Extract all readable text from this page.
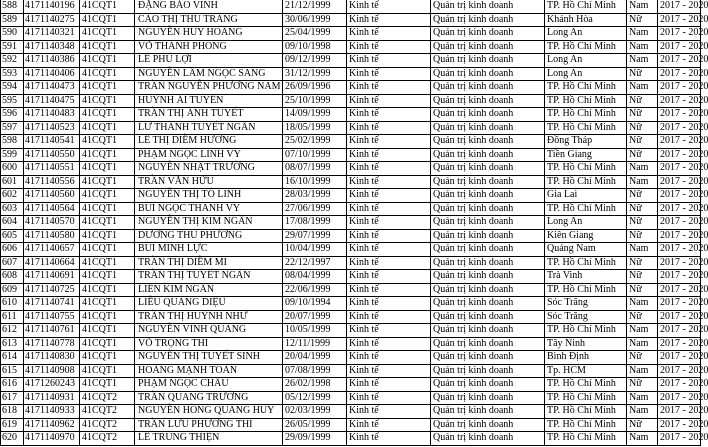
588	4171140196	41CQT1	ĐẶNG BẢO VINH	21/12/1999	Kinh tế	Quản trị kinh doanh	TP. Hồ Chí Minh	Nam	2017 - 2020
589	4171140275	41CQT1	CAO THỊ THU TRANG	30/06/1999	Kinh tế	Quản trị kinh doanh	Khánh Hòa	Nữ	2017 - 2020
590	4171140321	41CQT1	NGUYỄN HUY HOÀNG	25/04/1999	Kinh tế	Quản trị kinh doanh	Long An	Nam	2017 - 2020
591	4171140348	41CQT1	VÕ THANH PHONG	09/10/1998	Kinh tế	Quản trị kinh doanh	TP. Hồ Chí Minh	Nam	2017 - 2020
592	4171140386	41CQT1	LÊ PHÚ LỢI	09/12/1999	Kinh tế	Quản trị kinh doanh	Long An	Nam	2017 - 2020
593	4171140406	41CQT1	NGUYỄN LÂM NGỌC SANG	31/12/1999	Kinh tế	Quản trị kinh doanh	Long An	Nữ	2017 - 2020
594	4171140473	41CQT1	TRẦN NGUYỄN PHƯƠNG NAM	26/09/1996	Kinh tế	Quản trị kinh doanh	TP. Hồ Chí Minh	Nam	2017 - 2020
595	4171140475	41CQT1	HUỲNH ÁI TUYÊN	25/10/1999	Kinh tế	Quản trị kinh doanh	TP. Hồ Chí Minh	Nữ	2017 - 2020
596	4171140483	41CQT1	TRẦN THỊ ÁNH TUYẾT	14/09/1999	Kinh tế	Quản trị kinh doanh	TP. Hồ Chí Minh	Nữ	2017 - 2020
597	4171140523	41CQT1	LƯ THANH TUYẾT NGÂN	18/05/1999	Kinh tế	Quản trị kinh doanh	TP. Hồ Chí Minh	Nữ	2017 - 2020
598	4171140541	41CQT1	LÊ THỊ DIỄM HƯƠNG	25/02/1999	Kinh tế	Quản trị kinh doanh	Đồng Tháp	Nữ	2017 - 2020
599	4171140550	41CQT1	PHẠM NGỌC LINH VY	07/10/1999	Kinh tế	Quản trị kinh doanh	Tiền Giang	Nữ	2017 - 2020
600	4171140551	41CQT1	NGUYỄN NHẬT TRƯỜNG	08/07/1999	Kinh tế	Quản trị kinh doanh	TP. Hồ Chí Minh	Nam	2017 - 2020
601	4171140556	41CQT1	TRẦN VĂN HỮU	16/10/1999	Kinh tế	Quản trị kinh doanh	TP. Hồ Chí Minh	Nam	2017 - 2020
602	4171140560	41CQT1	NGUYỄN THỊ TÔ LINH	28/03/1999	Kinh tế	Quản trị kinh doanh	Gia Lai	Nữ	2017 - 2020
603	4171140564	41CQT1	BÙI NGỌC THANH VY	27/06/1999	Kinh tế	Quản trị kinh doanh	TP. Hồ Chí Minh	Nữ	2017 - 2020
604	4171140570	41CQT1	NGUYỄN THỊ KIM NGÂN	17/08/1999	Kinh tế	Quản trị kinh doanh	Long An	Nữ	2017 - 2020
605	4171140580	41CQT1	DƯƠNG THU PHƯƠNG	29/07/1999	Kinh tế	Quản trị kinh doanh	Kiên Giang	Nữ	2017 - 2020
606	4171140657	41CQT1	BÙI MINH LỰC	10/04/1999	Kinh tế	Quản trị kinh doanh	Quảng Nam	Nam	2017 - 2020
607	4171140664	41CQT1	TRẦN THỊ DIỄM MI	22/12/1997	Kinh tế	Quản trị kinh doanh	TP. Hồ Chí Minh	Nữ	2017 - 2020
608	4171140691	41CQT1	TRẦN THỊ TUYẾT NGÂN	08/04/1999	Kinh tế	Quản trị kinh doanh	Trà Vinh	Nữ	2017 - 2020
609	4171140725	41CQT1	LIÊN KIM NGÂN	22/06/1999	Kinh tế	Quản trị kinh doanh	TP. Hồ Chí Minh	Nữ	2017 - 2020
610	4171140741	41CQT1	LIỄU QUANG DIỆU	09/10/1994	Kinh tế	Quản trị kinh doanh	Sóc Trăng	Nam	2017 - 2020
611	4171140755	41CQT1	TRẦN THỊ HUỲNH NHƯ	20/07/1999	Kinh tế	Quản trị kinh doanh	Sóc Trăng	Nữ	2017 - 2020
612	4171140761	41CQT1	NGUYỄN VINH QUANG	10/05/1999	Kinh tế	Quản trị kinh doanh	TP. Hồ Chí Minh	Nam	2017 - 2020
613	4171140778	41CQT1	VÕ TRỌNG THI	12/11/1999	Kinh tế	Quản trị kinh doanh	Tây Ninh	Nam	2017 - 2020
614	4171140830	41CQT1	NGUYỄN THỊ TUYẾT SINH	20/04/1999	Kinh tế	Quản trị kinh doanh	Bình Định	Nữ	2017 - 2020
615	4171140908	41CQT1	HOÀNG MẠNH TOÀN	07/08/1999	Kinh tế	Quản trị kinh doanh	Tp. HCM	Nam	2017 - 2020
616	4171260243	41CQT1	PHẠM NGỌC CHÂU	26/02/1998	Kinh tế	Quản trị kinh doanh	TP. Hồ Chí Minh	Nữ	2017 - 2020
617	4171140931	41CQT2	TRẦN QUANG TRƯỜNG	05/12/1999	Kinh tế	Quản trị kinh doanh	TP. Hồ Chí Minh	Nam	2017 - 2020
618	4171140933	41CQT2	NGUYỄN HỒNG QUANG HUY	02/03/1999	Kinh tế	Quản trị kinh doanh	TP. Hồ Chí Minh	Nam	2017 - 2020
619	4171140962	41CQT2	TRẦN LƯU PHƯƠNG THI	26/05/1999	Kinh tế	Quản trị kinh doanh	TP. Hồ Chí Minh	Nữ	2017 - 2020
620	4171140970	41CQT2	LÊ TRUNG THIỆN	29/09/1999	Kinh tế	Quản trị kinh doanh	TP. Hồ Chí Minh	Nam	2017 - 2020
